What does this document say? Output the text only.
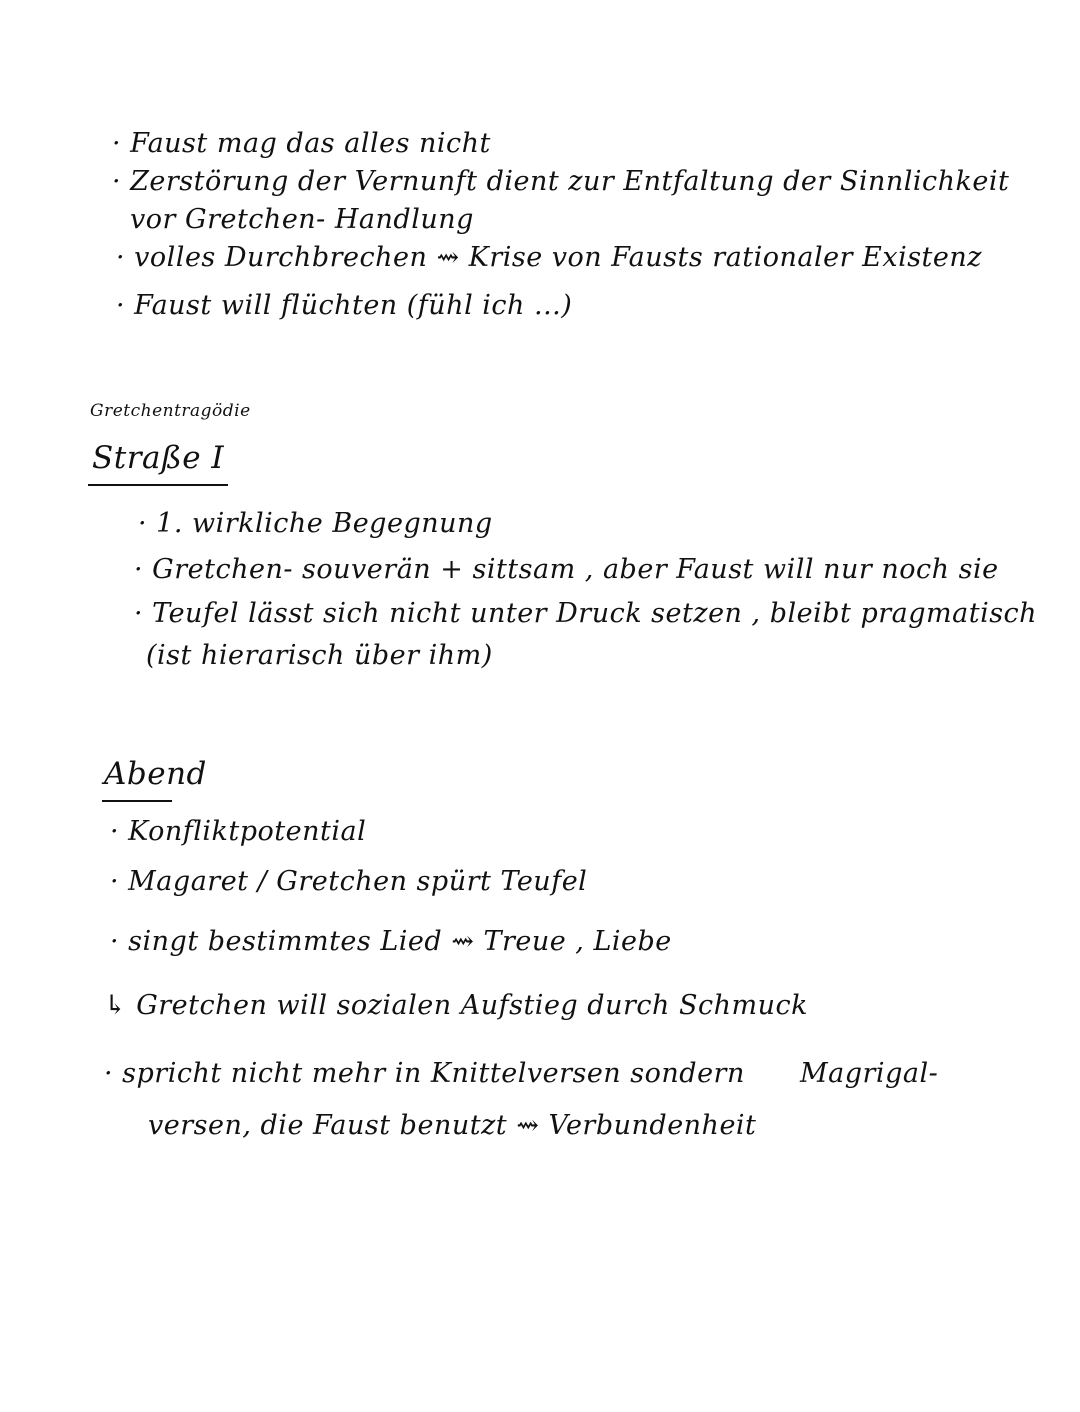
· Faust mag das alles nicht
· Zerstörung der Vernunft dient zur Entfaltung der Sinnlichkeit
vor Gretchen- Handlung
· volles Durchbrechen ⇝ Krise von Fausts rationaler Existenz
· Faust will flüchten (fühl ich ...)
Gretchentragödie
Straße I
· 1. wirkliche Begegnung
· Gretchen- souverän + sittsam , aber Faust will nur noch sie
· Teufel lässt sich nicht unter Druck setzen , bleibt pragmatisch
(ist hierarisch über ihm)
Abend
· Konfliktpotential
· Magaret / Gretchen spürt Teufel
· singt bestimmtes Lied ⇝ Treue , Liebe
↳ Gretchen will sozialen Aufstieg durch Schmuck
· spricht nicht mehr in Knittelversen sondern Magrigal-
versen, die Faust benutzt ⇝ Verbundenheit
